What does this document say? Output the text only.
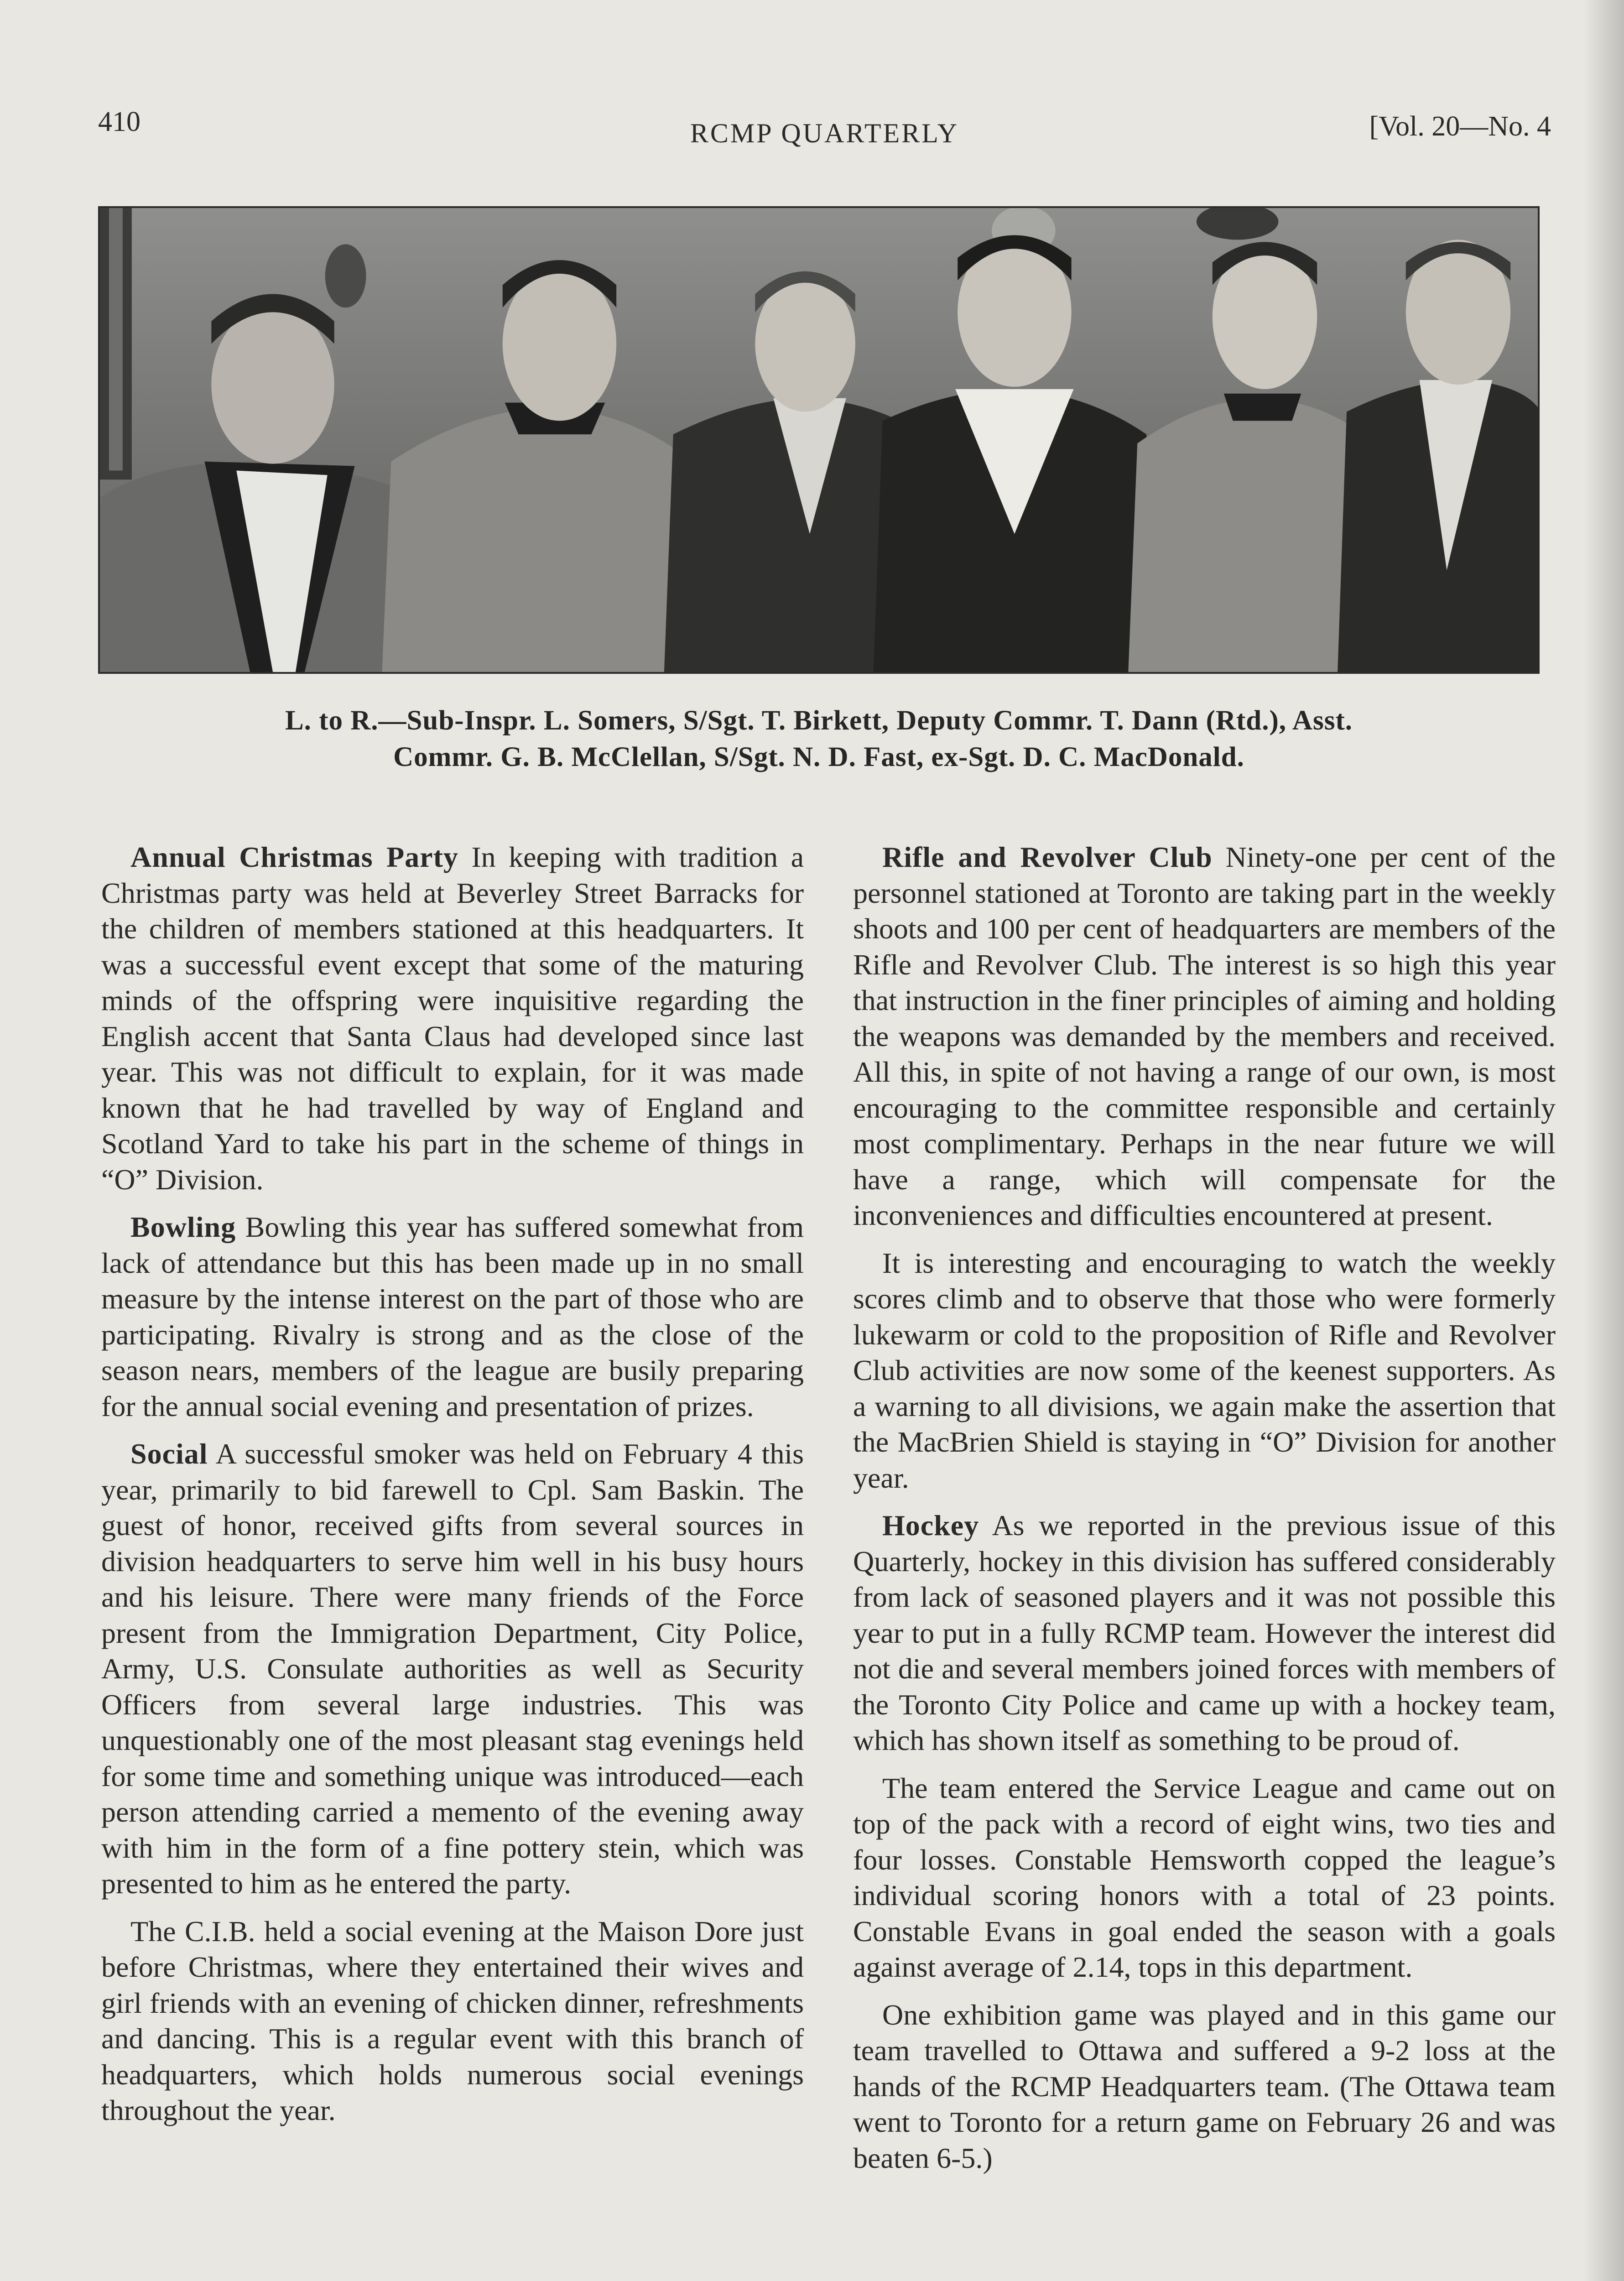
410	RCMP QUARTERLY	[Vol. 20—No. 4

L. to R.—Sub-Inspr. L. Somers, S/Sgt. T. Birkett, Deputy Commr. T. Dann (Rtd.), Asst.

Commr. G. B. McClellan, S/Sgt. N. D. Fast, ex-Sgt. D. C. MacDonald.

Annual Christmas Party In keeping with tradition a Christmas party was held at Beverley Street Barracks for the children of members stationed at this headquarters. It was a successful event except that some of the maturing minds of the offspring were inquisitive regarding the English accent that Santa Claus had developed since last year. This was not difficult to explain, for it was made known that he had travelled by way of England and Scotland Yard to take his part in the scheme of things in “O” Division.

Bowling Bowling this year has suffered somewhat from lack of attendance but this has been made up in no small measure by the intense interest on the part of those who are participating. Rivalry is strong and as the close of the season nears, members of the league are busily preparing for the annual social evening and presentation of prizes.

Social A successful smoker was held on February 4 this year, primarily to bid farewell to Cpl. Sam Baskin. The guest of honor, received gifts from several sources in division headquarters to serve him well in his busy hours and his leisure. There were many friends of the Force present from the Immigration Department, City Police, Army, U.S. Consulate authorities as well as Security Officers from several large industries. This was unquestionably one of the most pleasant stag evenings held for some time and something unique was introduced—each person attending carried a memento of the evening away with him in the form of a fine pottery stein, which was presented to him as he entered the party.

The C.I.B. held a social evening at the Maison Dore just before Christmas, where they entertained their wives and girl friends with an evening of chicken dinner, refreshments and dancing. This is a regular event with this branch of headquarters, which holds numerous social evenings throughout the year.

Rifle and Revolver Club Ninety-one per cent of the personnel stationed at Toronto are taking part in the weekly shoots and 100 per cent of headquarters are members of the Rifle and Revolver Club. The interest is so high this year that instruction in the finer principles of aiming and holding the weapons was demanded by the members and received. All this, in spite of not having a range of our own, is most encouraging to the committee responsible and certainly most complimentary. Perhaps in the near future we will have a range, which will compensate for the inconveniences and difficulties encountered at present.

It is interesting and encouraging to watch the weekly scores climb and to observe that those who were formerly lukewarm or cold to the proposition of Rifle and Revolver Club activities are now some of the keenest supporters. As a warning to all divisions, we again make the assertion that the MacBrien Shield is staying in “O” Division for another year.

Hockey As we reported in the previous issue of this Quarterly, hockey in this division has suffered considerably from lack of seasoned players and it was not possible this year to put in a fully RCMP team. However the interest did not die and several members joined forces with members of the Toronto City Police and came up with a hockey team, which has shown itself as something to be proud of.

The team entered the Service League and came out on top of the pack with a record of eight wins, two ties and four losses. Constable Hemsworth copped the league’s individual scoring honors with a total of 23 points. Constable Evans in goal ended the season with a goals against average of 2.14, tops in this department.

One exhibition game was played and in this game our team travelled to Ottawa and suffered a 9-2 loss at the hands of the RCMP Headquarters team. (The Ottawa team went to Toronto for a return game on February 26 and was beaten 6-5.)
